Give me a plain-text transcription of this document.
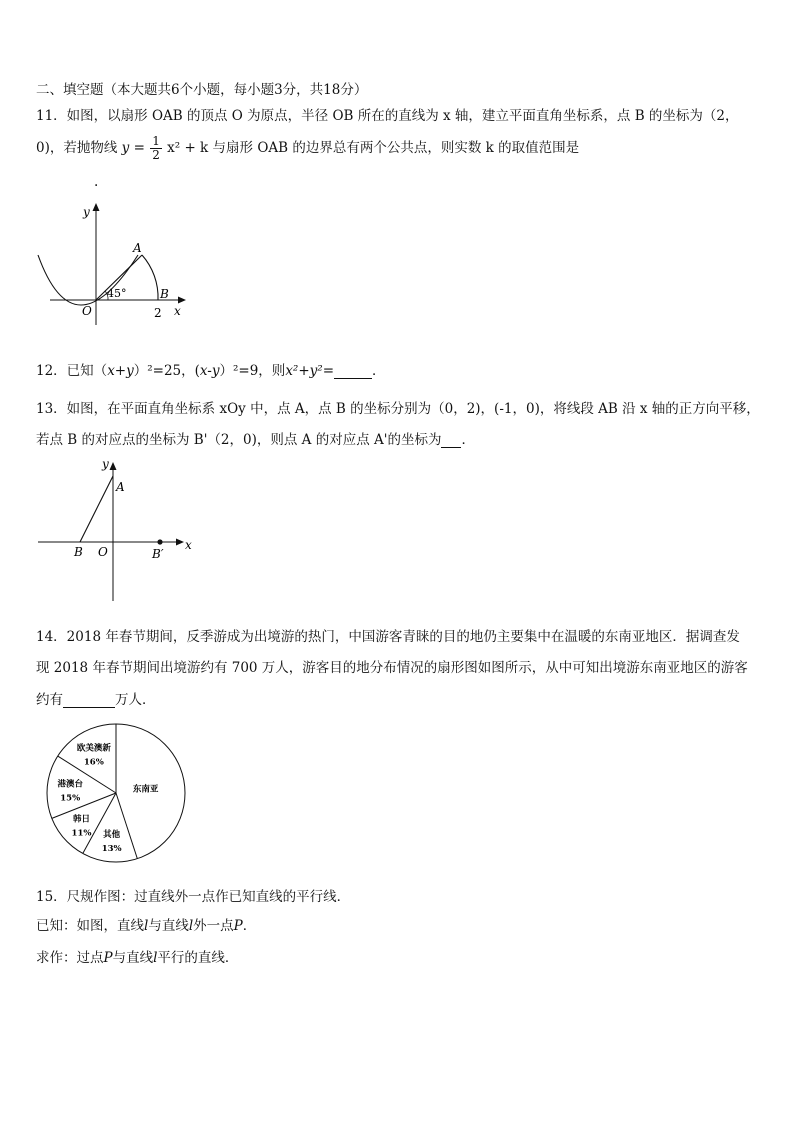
二、填空题（本大题共6个小题，每小题3分，共18分）
11．如图，以扇形 OAB 的顶点 O 为原点，半径 OB 所在的直线为 x 轴，建立平面直角坐标系，点 B 的坐标为（2，
0)，若抛物线 $y = \frac{1}{2} x^2 + k$ 与扇形 OAB 的边界总有两个公共点，则实数 k 的取值范围是
.
y
A
45°	B
O	2 x
12．已知（x+y）²=25，(x-y）²=9，则x²+y²=	．
13．如图，在平面直角坐标系 xOy 中，点 A，点 B 的坐标分别为（0，2)，(-1，0)，将线段 AB 沿 x 轴的正方向平移，
若点 B 的对应点的坐标为 B'（2，0)，则点 A 的对应点 A'的坐标为 ．
y
A
B O	B′
x
14．2018 年春节期间，反季游成为出境游的热门，中国游客青睐的目的地仍主要集中在温暖的东南亚地区．据调查发
现 2018 年春节期间出境游约有 700 万人，游客目的地分布情况的扇形图如图所示，从中可知出境游东南亚地区的游客
约有	万人．
东南亚
欧美澳新
16%
港澳台
15%
韩日
11% 其他
13%
15．尺规作图：过直线外一点作已知直线的平行线．
已知：如图，直线l与直线l外一点P．
求作：过点P与直线l平行的直线．
